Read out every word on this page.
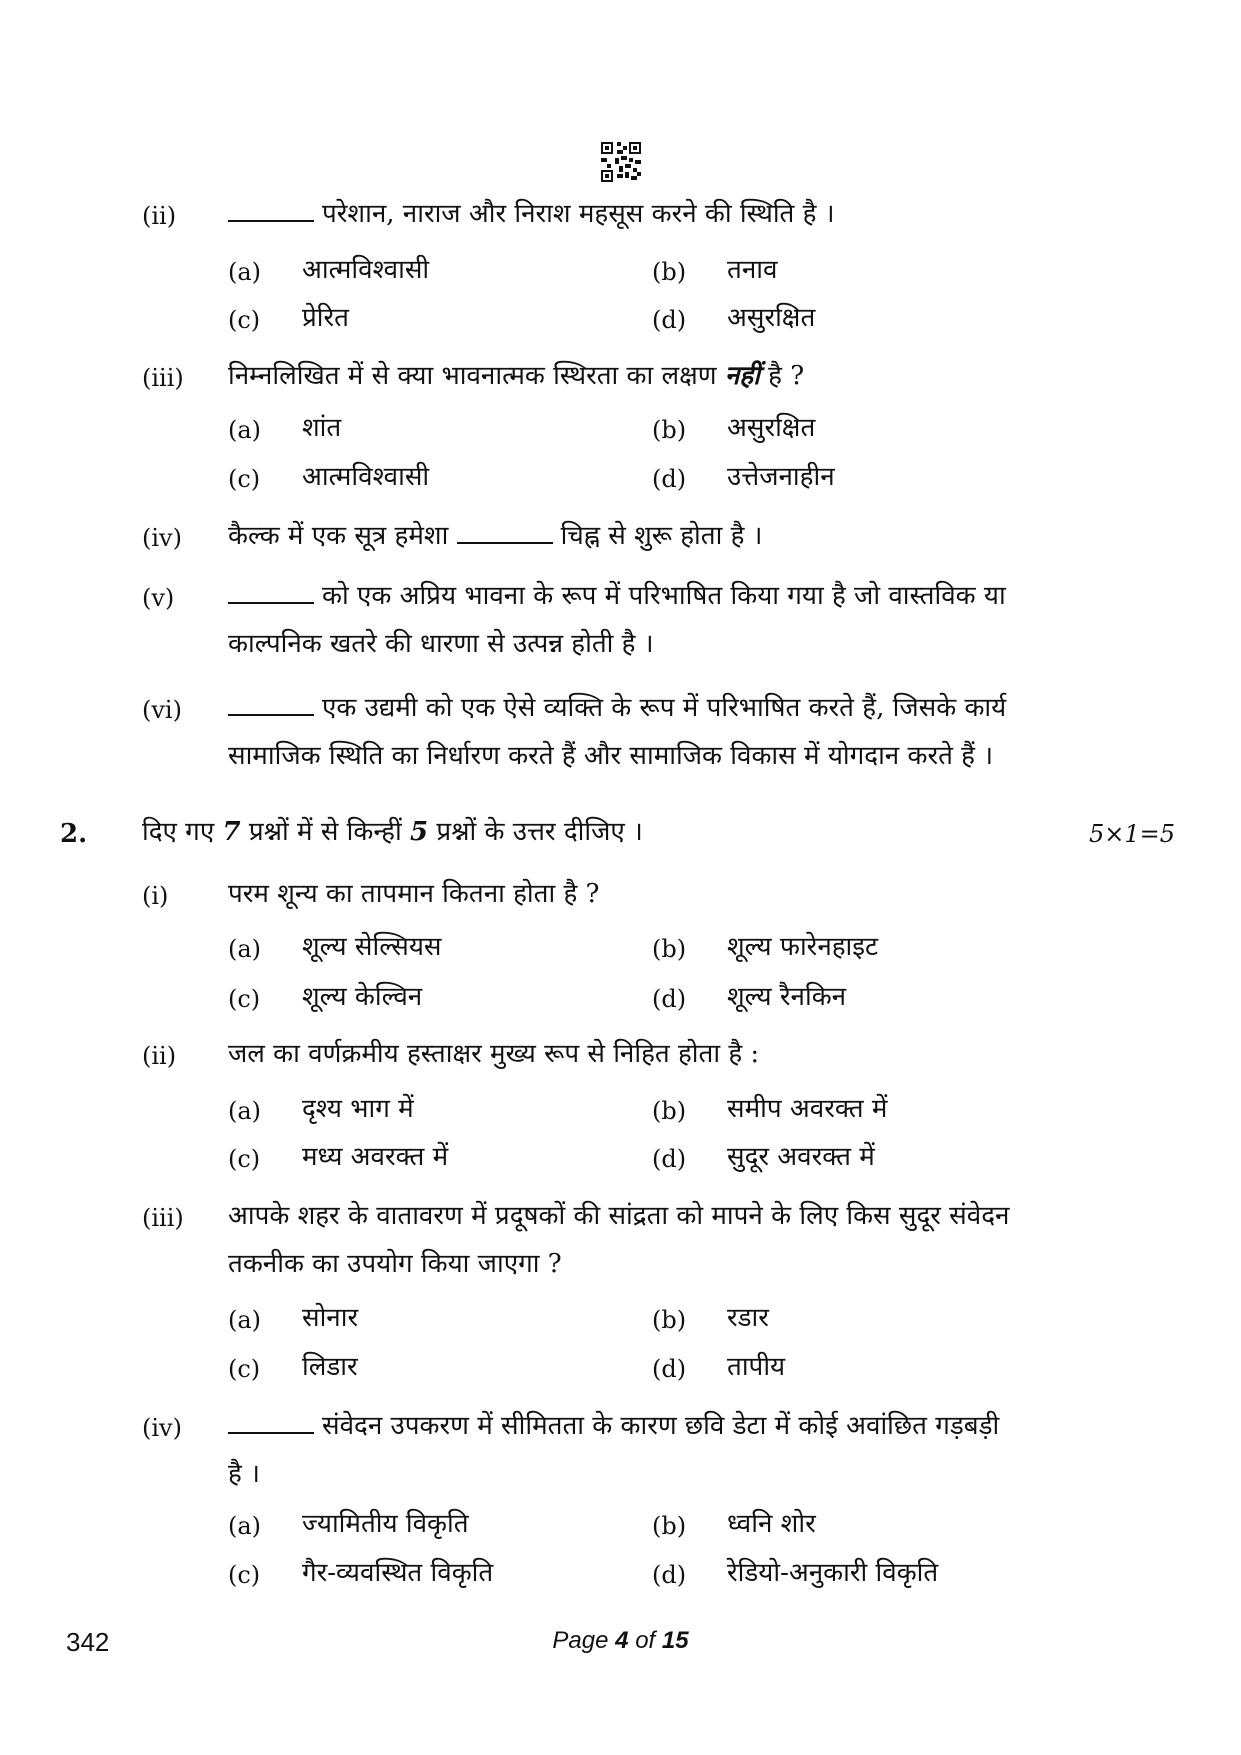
(ii)	परेशान, नाराज और निराश महसूस करने की स्थिति है ।
(a) आत्मविश्वासी	(b) तनाव
(c) प्रेरित	(d) असुरक्षित
(iii) निम्नलिखित में से क्या भावनात्मक स्थिरता का लक्षण नहीं है ?
(a) शांत	(b) असुरक्षित
(c) आत्मविश्वासी	(d) उत्तेजनाहीन
(iv) कैल्क में एक सूत्र हमेशा	चिह्न से शुरू होता है ।
(v)	को एक अप्रिय भावना के रूप में परिभाषित किया गया है जो वास्तविक या
काल्पनिक खतरे की धारणा से उत्पन्न होती है ।
(vi)	एक उद्यमी को एक ऐसे व्यक्ति के रूप में परिभाषित करते हैं, जिसके कार्य
सामाजिक स्थिति का निर्धारण करते हैं और सामाजिक विकास में योगदान करते हैं ।
2. दिए गए 7 प्रश्नों में से किन्हीं 5 प्रश्नों के उत्तर दीजिए ।	5×1=5
(i) परम शून्य का तापमान कितना होता है ?
(a) शूल्य सेल्सियस	(b) शूल्य फारेनहाइट
(c) शूल्य केल्विन	(d) शूल्य रैनकिन
(ii) जल का वर्णक्रमीय हस्ताक्षर मुख्य रूप से निहित होता है :
(a) दृश्य भाग में	(b) समीप अवरक्त में
(c) मध्य अवरक्त में	(d) सुदूर अवरक्त में
(iii) आपके शहर के वातावरण में प्रदूषकों की सांद्रता को मापने के लिए किस सुदूर संवेदन
तकनीक का उपयोग किया जाएगा ?
(a) सोनार	(b) रडार
(c) लिडार	(d) तापीय
(iv)	संवेदन उपकरण में सीमितता के कारण छवि डेटा में कोई अवांछित गड़बड़ी
है ।
(a) ज्यामितीय विकृति	(b) ध्वनि शोर
(c) गैर-व्यवस्थित विकृति	(d) रेडियो-अनुकारी विकृति
342	Page 4 of 15
